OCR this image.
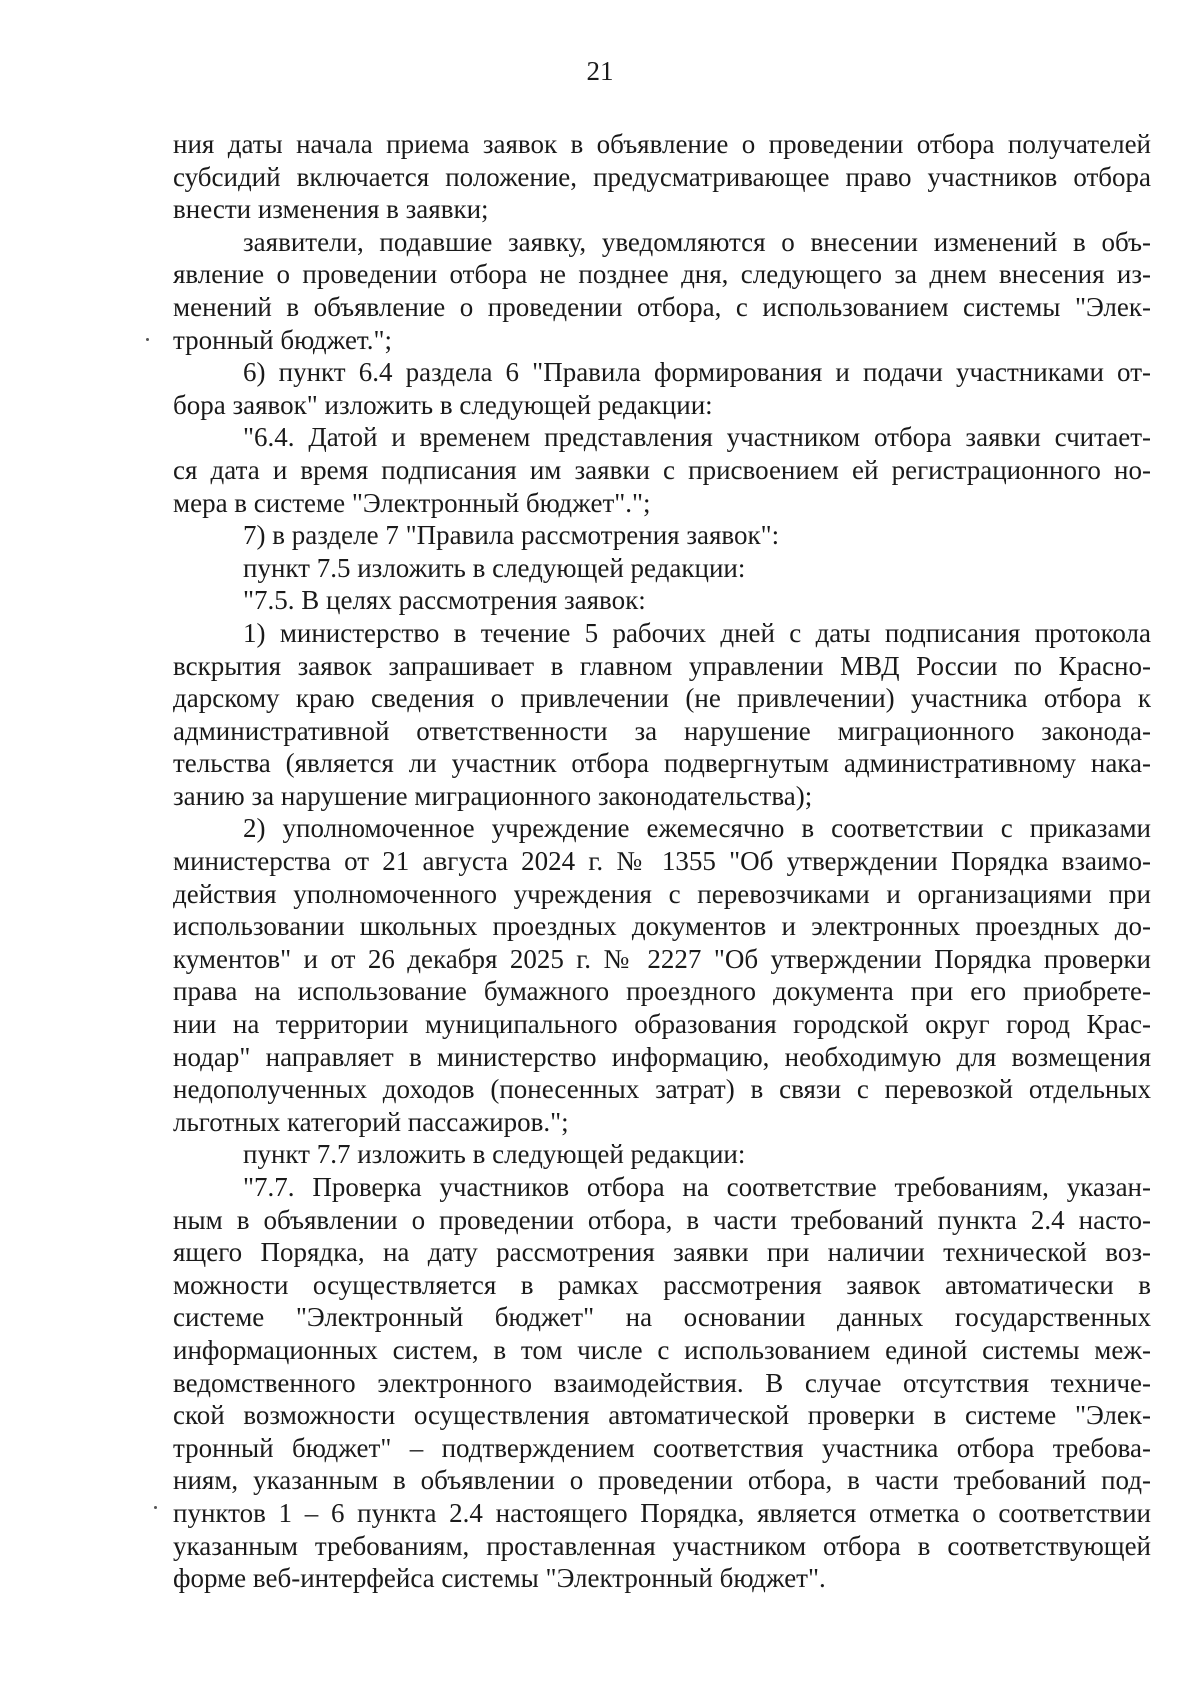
21
ния даты начала приема заявок в объявление о проведении отбора получателей
субсидий включается положение, предусматривающее право участников отбора
внести изменения в заявки;
заявители, подавшие заявку, уведомляются о внесении изменений в объ-
явление о проведении отбора не позднее дня, следующего за днем внесения из-
менений в объявление о проведении отбора, с использованием системы "Элек-
тронный бюджет.";
6) пункт 6.4 раздела 6 "Правила формирования и подачи участниками от-
бора заявок" изложить в следующей редакции:
"6.4. Датой и временем представления участником отбора заявки считает-
ся дата и время подписания им заявки с присвоением ей регистрационного но-
мера в системе "Электронный бюджет".";
7) в разделе 7 "Правила рассмотрения заявок":
пункт 7.5 изложить в следующей редакции:
"7.5. В целях рассмотрения заявок:
1) министерство в течение 5 рабочих дней с даты подписания протокола
вскрытия заявок запрашивает в главном управлении МВД России по Красно-
дарскому краю сведения о привлечении (не привлечении) участника отбора к
административной ответственности за нарушение миграционного законода-
тельства (является ли участник отбора подвергнутым административному нака-
занию за нарушение миграционного законодательства);
2) уполномоченное учреждение ежемесячно в соответствии с приказами
министерства от 21 августа 2024 г. № 1355 "Об утверждении Порядка взаимо-
действия уполномоченного учреждения с перевозчиками и организациями при
использовании школьных проездных документов и электронных проездных до-
кументов" и от 26 декабря 2025 г. № 2227 "Об утверждении Порядка проверки
права на использование бумажного проездного документа при его приобрете-
нии на территории муниципального образования городской округ город Крас-
нодар" направляет в министерство информацию, необходимую для возмещения
недополученных доходов (понесенных затрат) в связи с перевозкой отдельных
льготных категорий пассажиров.";
пункт 7.7 изложить в следующей редакции:
"7.7. Проверка участников отбора на соответствие требованиям, указан-
ным в объявлении о проведении отбора, в части требований пункта 2.4 насто-
ящего Порядка, на дату рассмотрения заявки при наличии технической воз-
можности осуществляется в рамках рассмотрения заявок автоматически в
системе "Электронный бюджет" на основании данных государственных
информационных систем, в том числе с использованием единой системы меж-
ведомственного электронного взаимодействия. В случае отсутствия техниче-
ской возможности осуществления автоматической проверки в системе "Элек-
тронный бюджет" – подтверждением соответствия участника отбора требова-
ниям, указанным в объявлении о проведении отбора, в части требований под-
пунктов 1 – 6 пункта 2.4 настоящего Порядка, является отметка о соответствии
указанным требованиям, проставленная участником отбора в соответствующей
форме веб-интерфейса системы "Электронный бюджет".
